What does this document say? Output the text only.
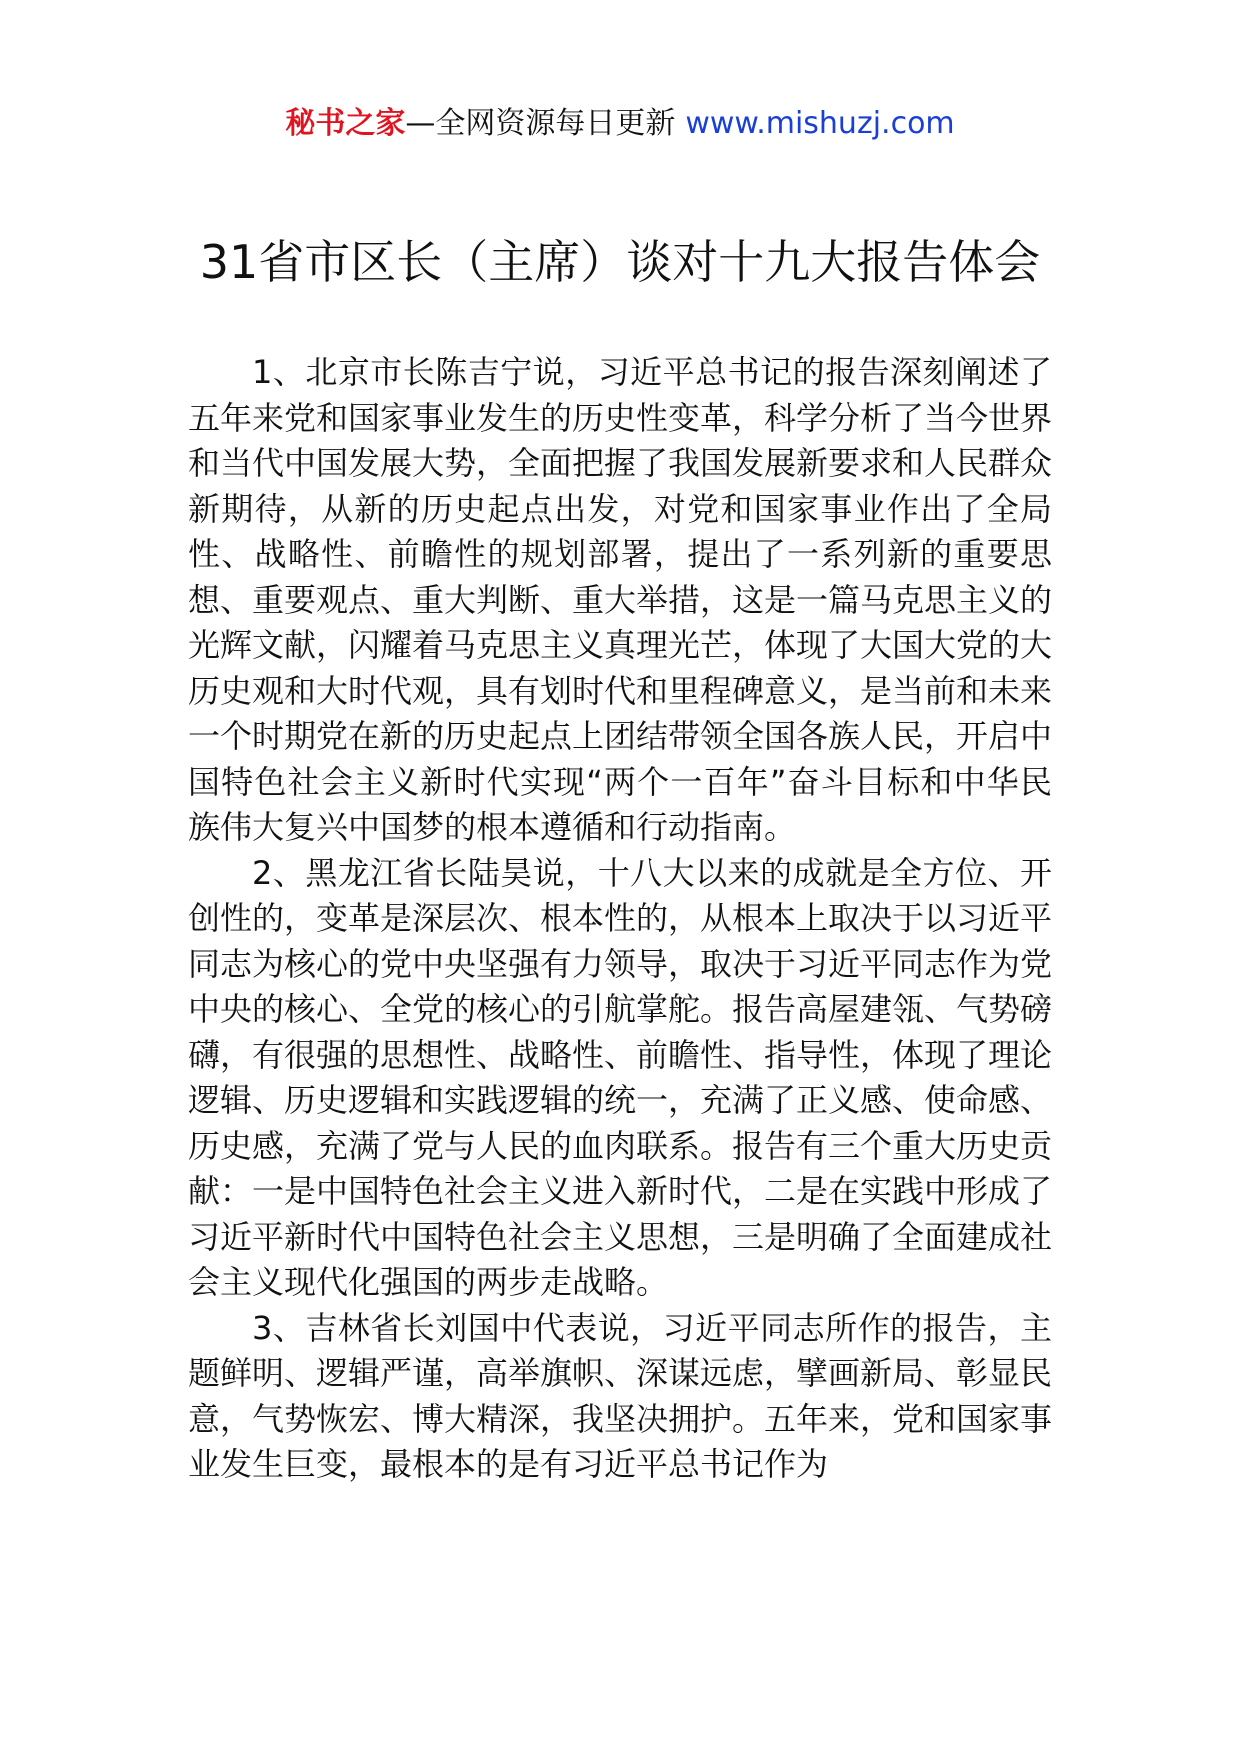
秘书之家—全网资源每日更新 www.mishuzj.com
31省市区长（主席）谈对十九大报告体会

1、北京市长陈吉宁说，习近平总书记的报告深刻阐述了五年来党和国家事业发生的历史性变革，科学分析了当今世界和当代中国发展大势，全面把握了我国发展新要求和人民群众新期待，从新的历史起点出发，对党和国家事业作出了全局性、战略性、前瞻性的规划部署，提出了一系列新的重要思想、重要观点、重大判断、重大举措，这是一篇马克思主义的光辉文献，闪耀着马克思主义真理光芒，体现了大国大党的大历史观和大时代观，具有划时代和里程碑意义，是当前和未来一个时期党在新的历史起点上团结带领全国各族人民，开启中国特色社会主义新时代实现“两个一百年”奋斗目标和中华民族伟大复兴中国梦的根本遵循和行动指南。

2、黑龙江省长陆昊说，十八大以来的成就是全方位、开创性的，变革是深层次、根本性的，从根本上取决于以习近平同志为核心的党中央坚强有力领导，取决于习近平同志作为党中央的核心、全党的核心的引航掌舵。报告高屋建瓴、气势磅礴，有很强的思想性、战略性、前瞻性、指导性，体现了理论逻辑、历史逻辑和实践逻辑的统一，充满了正义感、使命感、历史感，充满了党与人民的血肉联系。报告有三个重大历史贡献：一是中国特色社会主义进入新时代，二是在实践中形成了习近平新时代中国特色社会主义思想，三是明确了全面建成社会主义现代化强国的两步走战略。

3、吉林省长刘国中代表说，习近平同志所作的报告，主题鲜明、逻辑严谨，高举旗帜、深谋远虑，擘画新局、彰显民意，气势恢宏、博大精深，我坚决拥护。五年来，党和国家事业发生巨变，最根本的是有习近平总书记作为
